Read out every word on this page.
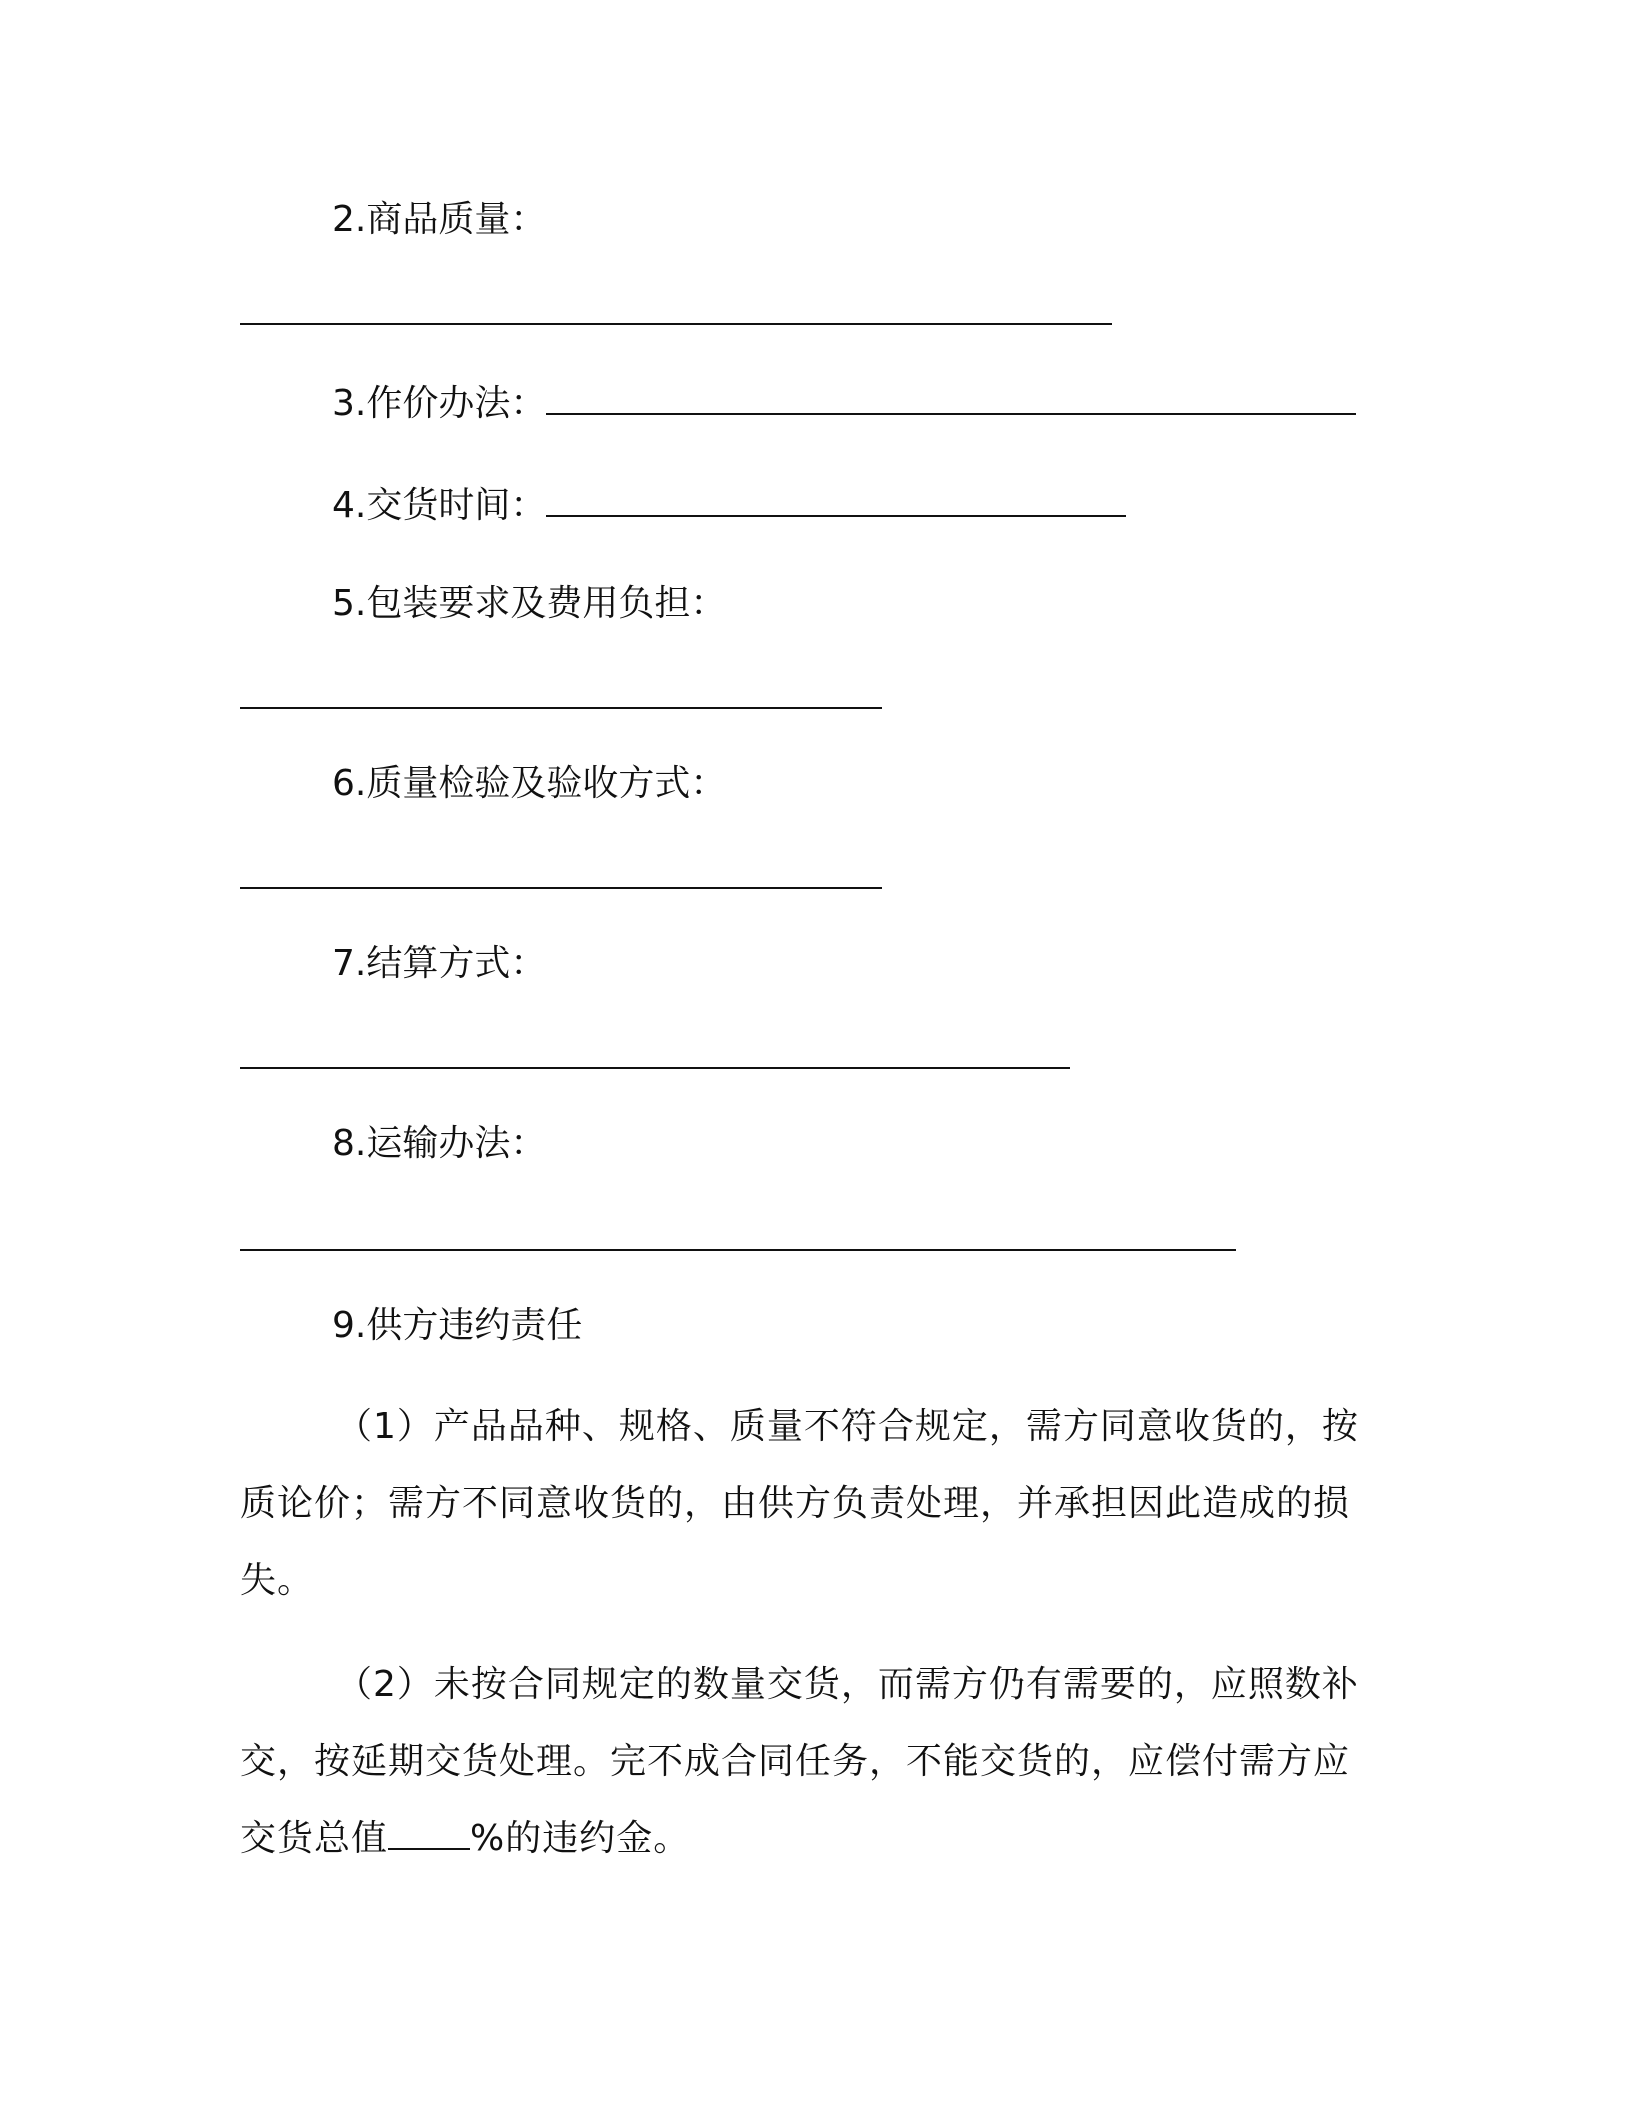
2.商品质量：
3.作价办法：
4.交货时间：
5.包装要求及费用负担：
6.质量检验及验收方式：
7.结算方式：
8.运输办法：
9.供方违约责任
（1）产品品种、规格、质量不符合规定，需方同意收货的，按
质论价；需方不同意收货的，由供方负责处理，并承担因此造成的损
失。
（2）未按合同规定的数量交货，而需方仍有需要的，应照数补
交，按延期交货处理。完不成合同任务，不能交货的，应偿付需方应
交货总值 %的违约金。
